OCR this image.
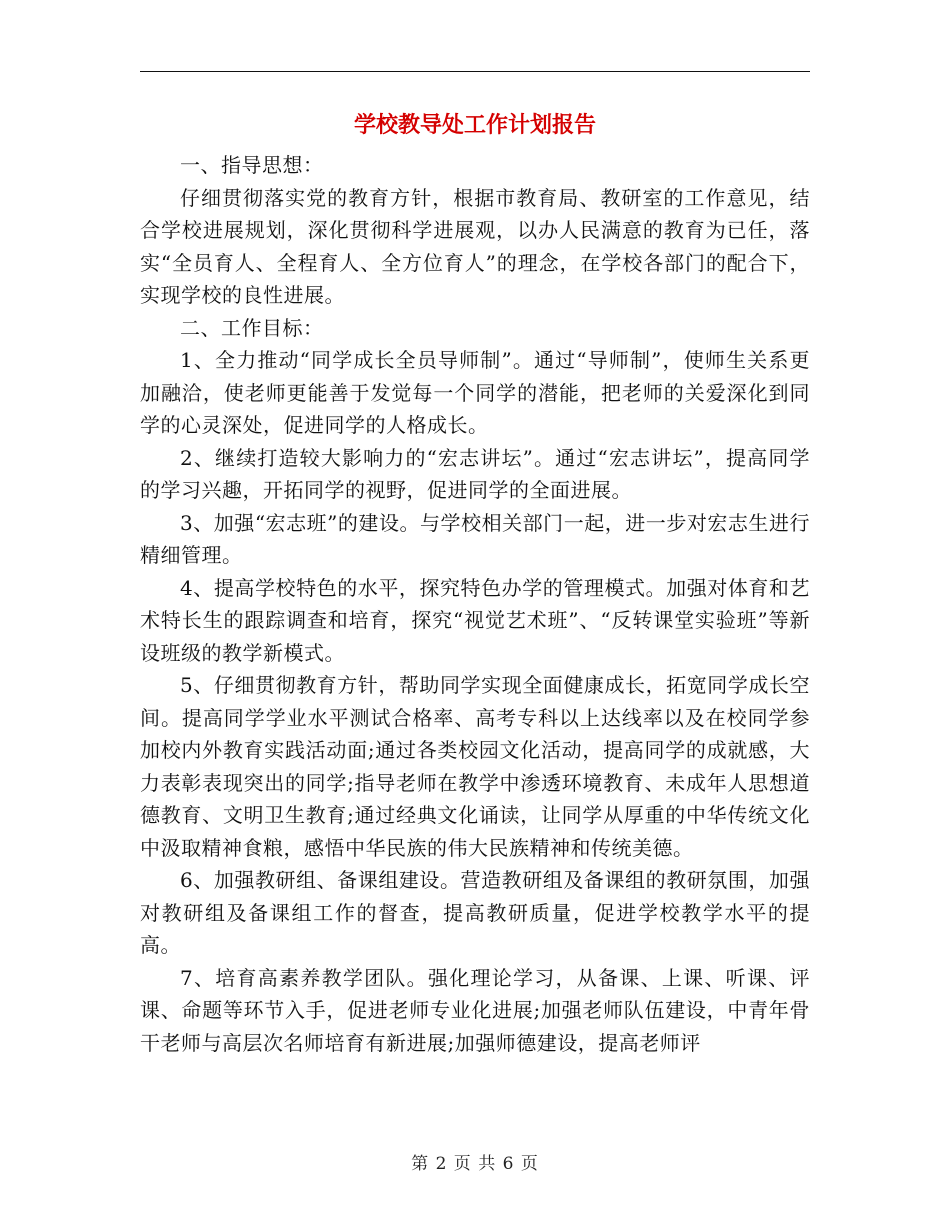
学校教导处工作计划报告

一、指导思想：

仔细贯彻落实党的教育方针，根据市教育局、教研室的工作意见，结合学校进展规划，深化贯彻科学进展观，以办人民满意的教育为已任，落实“全员育人、全程育人、全方位育人”的理念，在学校各部门的配合下，实现学校的良性进展。

二、工作目标：

1、全力推动“同学成长全员导师制”。通过“导师制”，使师生关系更加融洽，使老师更能善于发觉每一个同学的潜能，把老师的关爱深化到同学的心灵深处，促进同学的人格成长。

2、继续打造较大影响力的“宏志讲坛”。通过“宏志讲坛”，提高同学的学习兴趣，开拓同学的视野，促进同学的全面进展。

3、加强“宏志班”的建设。与学校相关部门一起，进一步对宏志生进行精细管理。

4、提高学校特色的水平，探究特色办学的管理模式。加强对体育和艺术特长生的跟踪调查和培育，探究“视觉艺术班”、“反转课堂实验班”等新设班级的教学新模式。

5、仔细贯彻教育方针，帮助同学实现全面健康成长，拓宽同学成长空间。提高同学学业水平测试合格率、高考专科以上达线率以及在校同学参加校内外教育实践活动面;通过各类校园文化活动，提高同学的成就感，大力表彰表现突出的同学;指导老师在教学中渗透环境教育、未成年人思想道德教育、文明卫生教育;通过经典文化诵读，让同学从厚重的中华传统文化中汲取精神食粮，感悟中华民族的伟大民族精神和传统美德。

6、加强教研组、备课组建设。营造教研组及备课组的教研氛围，加强对教研组及备课组工作的督查，提高教研质量，促进学校教学水平的提高。

7、培育高素养教学团队。强化理论学习，从备课、上课、听课、评课、命题等环节入手，促进老师专业化进展;加强老师队伍建设，中青年骨干老师与高层次名师培育有新进展;加强师德建设，提高老师评

第 2 页 共 6 页
